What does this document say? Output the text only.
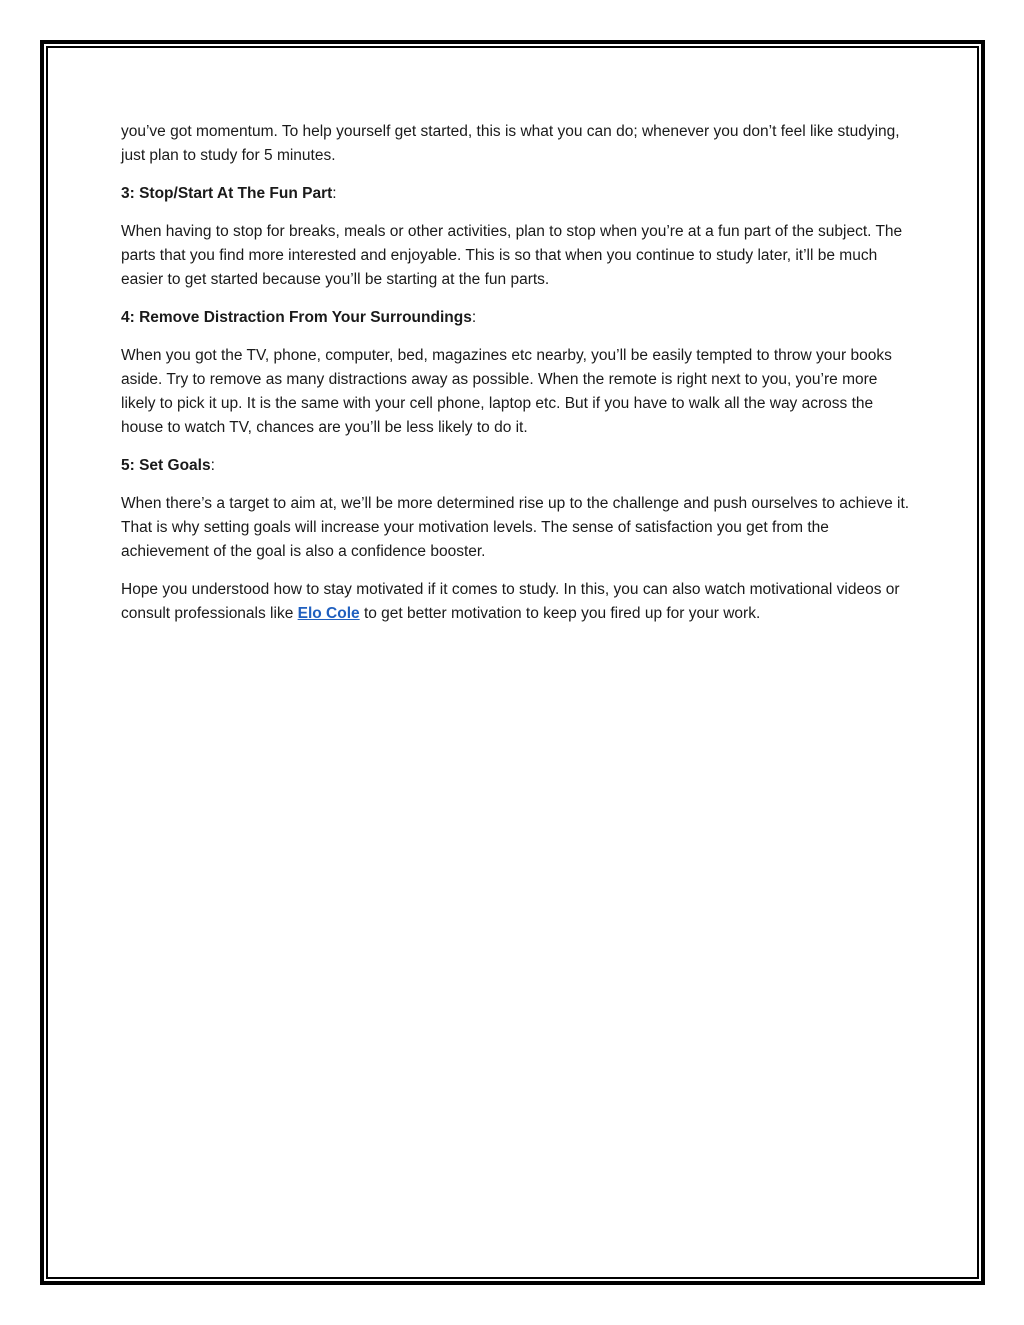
you’ve got momentum. To help yourself get started, this is what you can do; whenever you don’t feel like studying, just plan to study for 5 minutes.

3: Stop/Start At The Fun Part:

When having to stop for breaks, meals or other activities, plan to stop when you’re at a fun part of the subject. The parts that you find more interested and enjoyable. This is so that when you continue to study later, it’ll be much easier to get started because you’ll be starting at the fun parts.

4: Remove Distraction From Your Surroundings:

When you got the TV, phone, computer, bed, magazines etc nearby, you’ll be easily tempted to throw your books aside. Try to remove as many distractions away as possible. When the remote is right next to you, you’re more likely to pick it up. It is the same with your cell phone, laptop etc. But if you have to walk all the way across the house to watch TV, chances are you’ll be less likely to do it.

5: Set Goals:

When there’s a target to aim at, we’ll be more determined rise up to the challenge and push ourselves to achieve it. That is why setting goals will increase your motivation levels. The sense of satisfaction you get from the achievement of the goal is also a confidence booster.

Hope you understood how to stay motivated if it comes to study. In this, you can also watch motivational videos or consult professionals like Elo Cole to get better motivation to keep you fired up for your work.
